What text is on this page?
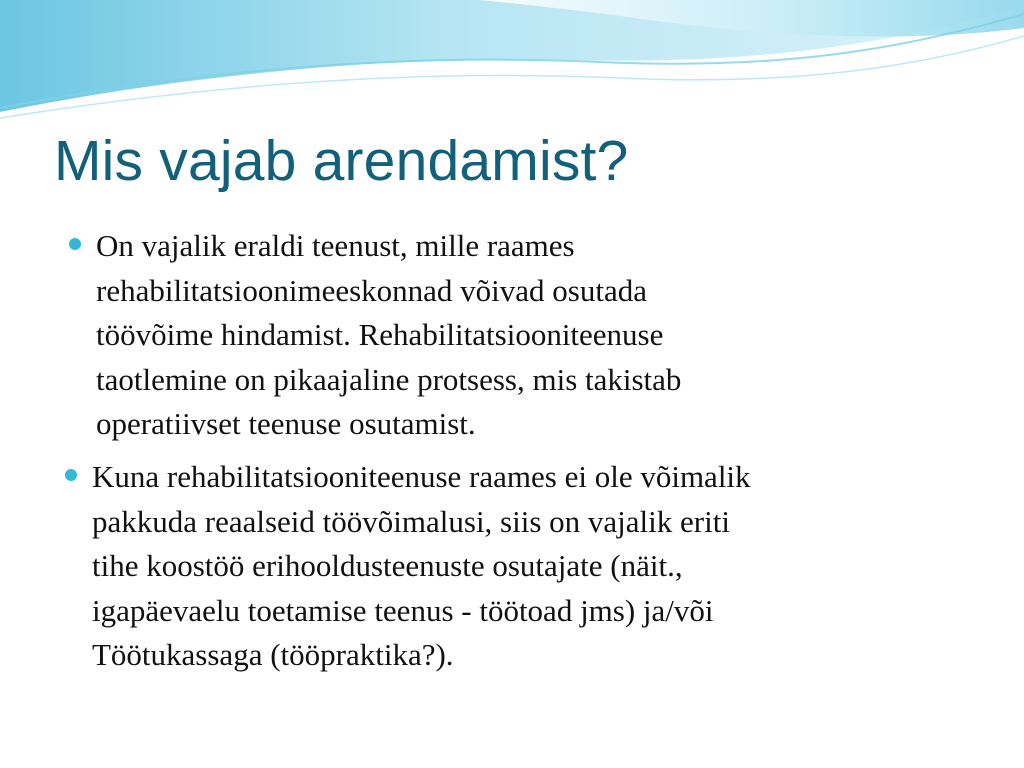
Mis vajab arendamist?
On vajalik eraldi teenust, mille raames
rehabilitatsioonimeeskonnad võivad osutada
töövõime hindamist. Rehabilitatsiooniteenuse
taotlemine on pikaajaline protsess, mis takistab
operatiivset teenuse osutamist.
Kuna rehabilitatsiooniteenuse raames ei ole võimalik
pakkuda reaalseid töövõimalusi, siis on vajalik eriti
tihe koostöö erihooldusteenuste osutajate (näit.,
igapäevaelu toetamise teenus - töötoad jms) ja/või
Töötukassaga (tööpraktika?).
